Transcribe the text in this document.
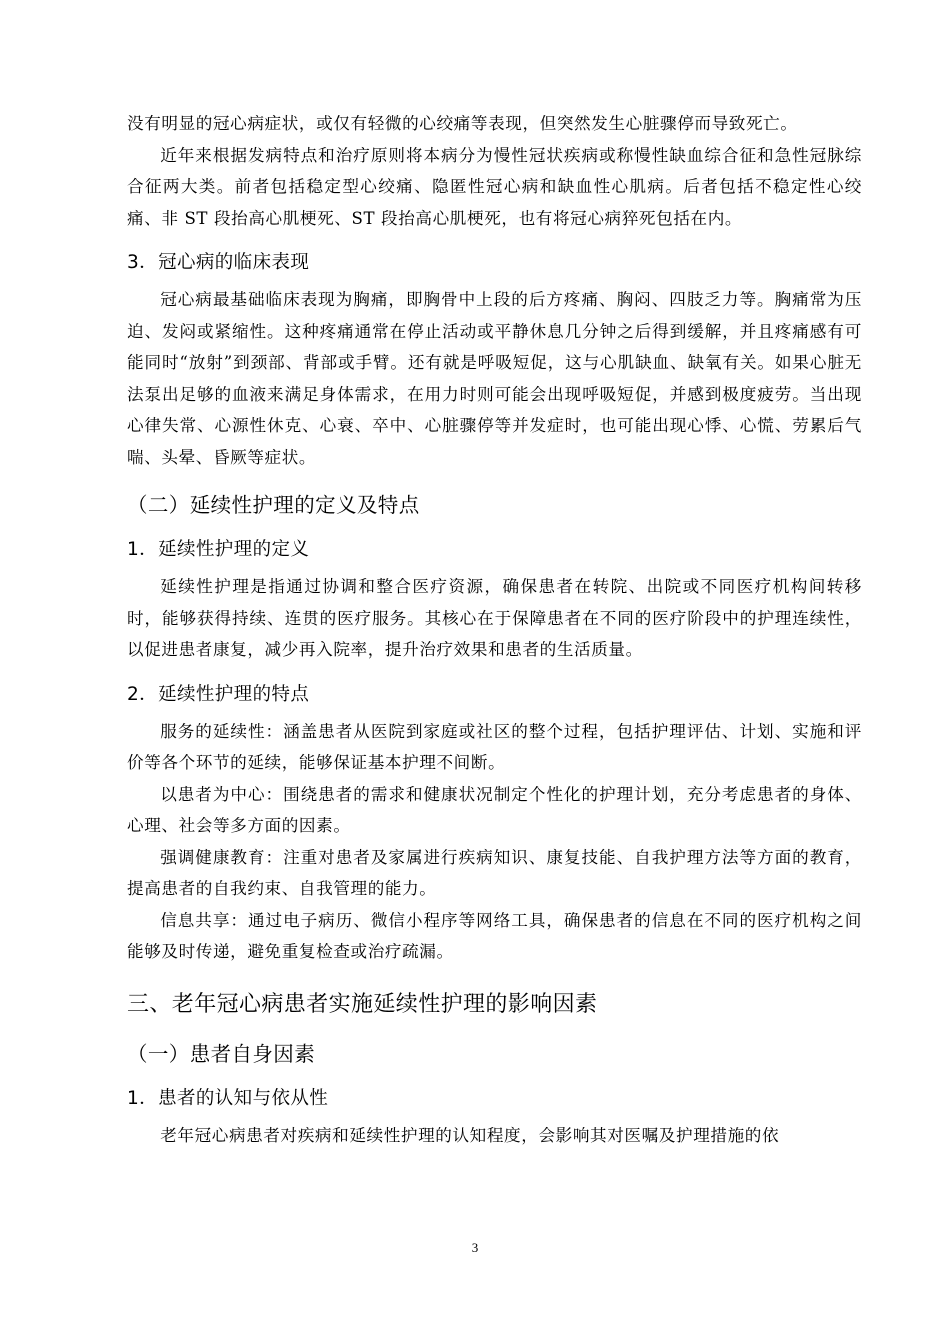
没有明显的冠心病症状，或仅有轻微的心绞痛等表现，但突然发生心脏骤停而导致死亡。

近年来根据发病特点和治疗原则将本病分为慢性冠状疾病或称慢性缺血综合征和急性冠脉综合征两大类。前者包括稳定型心绞痛、隐匿性冠心病和缺血性心肌病。后者包括不稳定性心绞痛、非 ST 段抬高心肌梗死、ST 段抬高心肌梗死，也有将冠心病猝死包括在内。

3．冠心病的临床表现

冠心病最基础临床表现为胸痛，即胸骨中上段的后方疼痛、胸闷、四肢乏力等。胸痛常为压迫、发闷或紧缩性。这种疼痛通常在停止活动或平静休息几分钟之后得到缓解，并且疼痛感有可能同时“放射”到颈部、背部或手臂。还有就是呼吸短促，这与心肌缺血、缺氧有关。如果心脏无法泵出足够的血液来满足身体需求，在用力时则可能会出现呼吸短促，并感到极度疲劳。当出现心律失常、心源性休克、心衰、卒中、心脏骤停等并发症时，也可能出现心悸、心慌、劳累后气喘、头晕、昏厥等症状。

（二）延续性护理的定义及特点
1．延续性护理的定义

延续性护理是指通过协调和整合医疗资源，确保患者在转院、出院或不同医疗机构间转移时，能够获得持续、连贯的医疗服务。其核心在于保障患者在不同的医疗阶段中的护理连续性，以促进患者康复，减少再入院率，提升治疗效果和患者的生活质量。

2．延续性护理的特点

服务的延续性：涵盖患者从医院到家庭或社区的整个过程，包括护理评估、计划、实施和评价等各个环节的延续，能够保证基本护理不间断。

以患者为中心：围绕患者的需求和健康状况制定个性化的护理计划，充分考虑患者的身体、心理、社会等多方面的因素。

强调健康教育：注重对患者及家属进行疾病知识、康复技能、自我护理方法等方面的教育，提高患者的自我约束、自我管理的能力。

信息共享：通过电子病历、微信小程序等网络工具，确保患者的信息在不同的医疗机构之间能够及时传递，避免重复检查或治疗疏漏。

三、老年冠心病患者实施延续性护理的影响因素
（一）患者自身因素
1．患者的认知与依从性

老年冠心病患者对疾病和延续性护理的认知程度，会影响其对医嘱及护理措施的依

3
